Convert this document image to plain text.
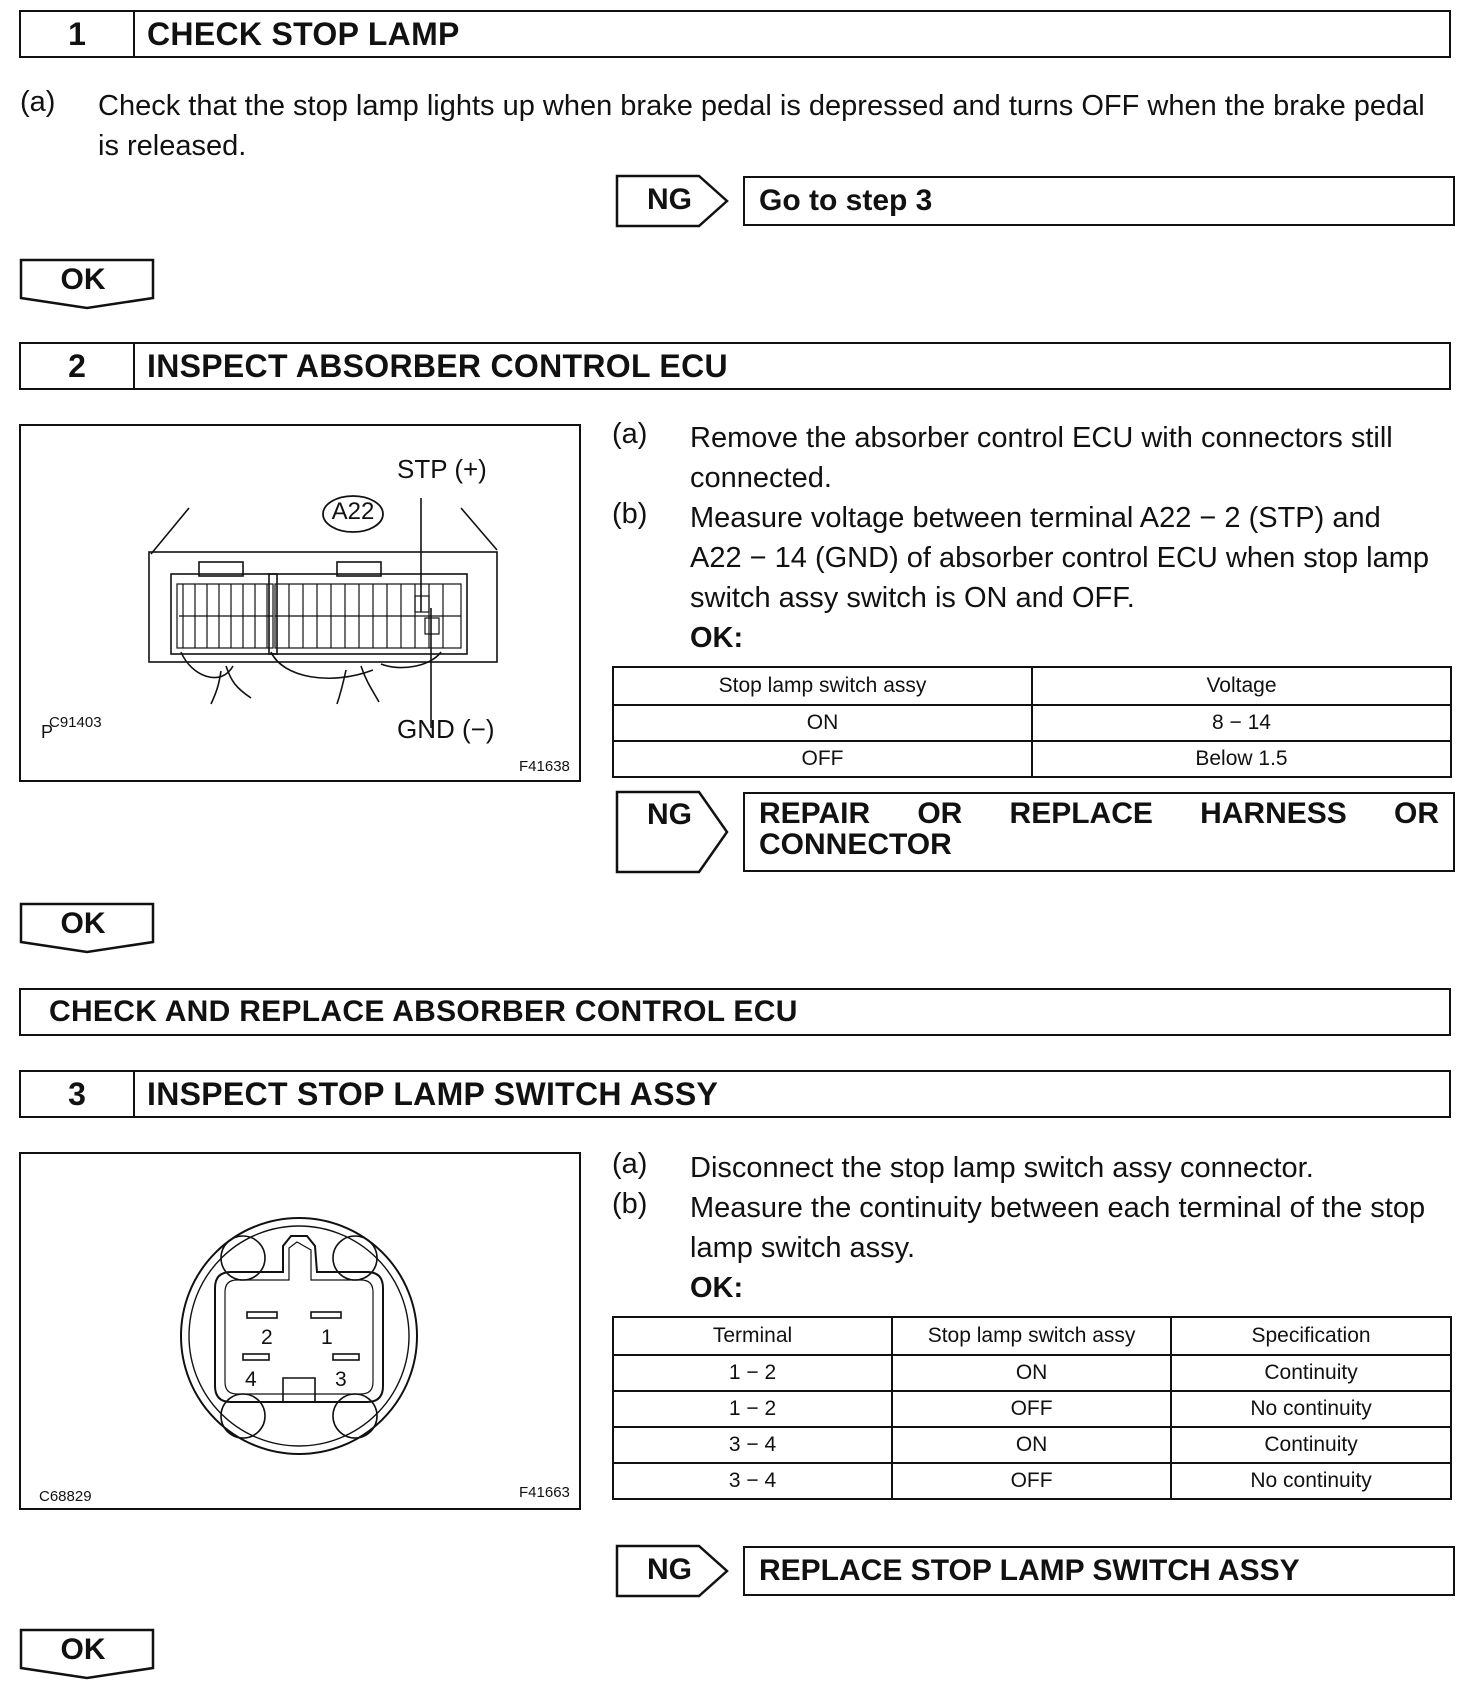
1	CHECK STOP LAMP
(a) Check that the stop lamp lights up when brake pedal is depressed and turns OFF when the brake pedal
is released.
NG	Go to step 3
OK
2	INSPECT ABSORBER CONTROL ECU
STP (+)
A22
GND (−)
P
C91403
F41638
(a) Remove the absorber control ECU with connectors still
connected.
(b) Measure voltage between terminal A22 − 2 (STP) and
A22 − 14 (GND) of absorber control ECU when stop lamp
switch assy switch is ON and OFF.
OK:
Stop lamp switch assy	Voltage
ON	8 − 14
OFF	Below 1.5
NG REPAIR OR REPLACE HARNESS OR
CONNECTOR
OK
CHECK AND REPLACE ABSORBER CONTROL ECU
3	INSPECT STOP LAMP SWITCH ASSY
2 1
4	3
C68829	F41663
(a) Disconnect the stop lamp switch assy connector.
(b) Measure the continuity between each terminal of the stop
lamp switch assy.
OK:
Terminal	Stop lamp switch assy	Specification
1 − 2	ON	Continuity
1 − 2	OFF	No continuity
3 − 4	ON	Continuity
3 − 4	OFF	No continuity
NG	REPLACE STOP LAMP SWITCH ASSY
OK
